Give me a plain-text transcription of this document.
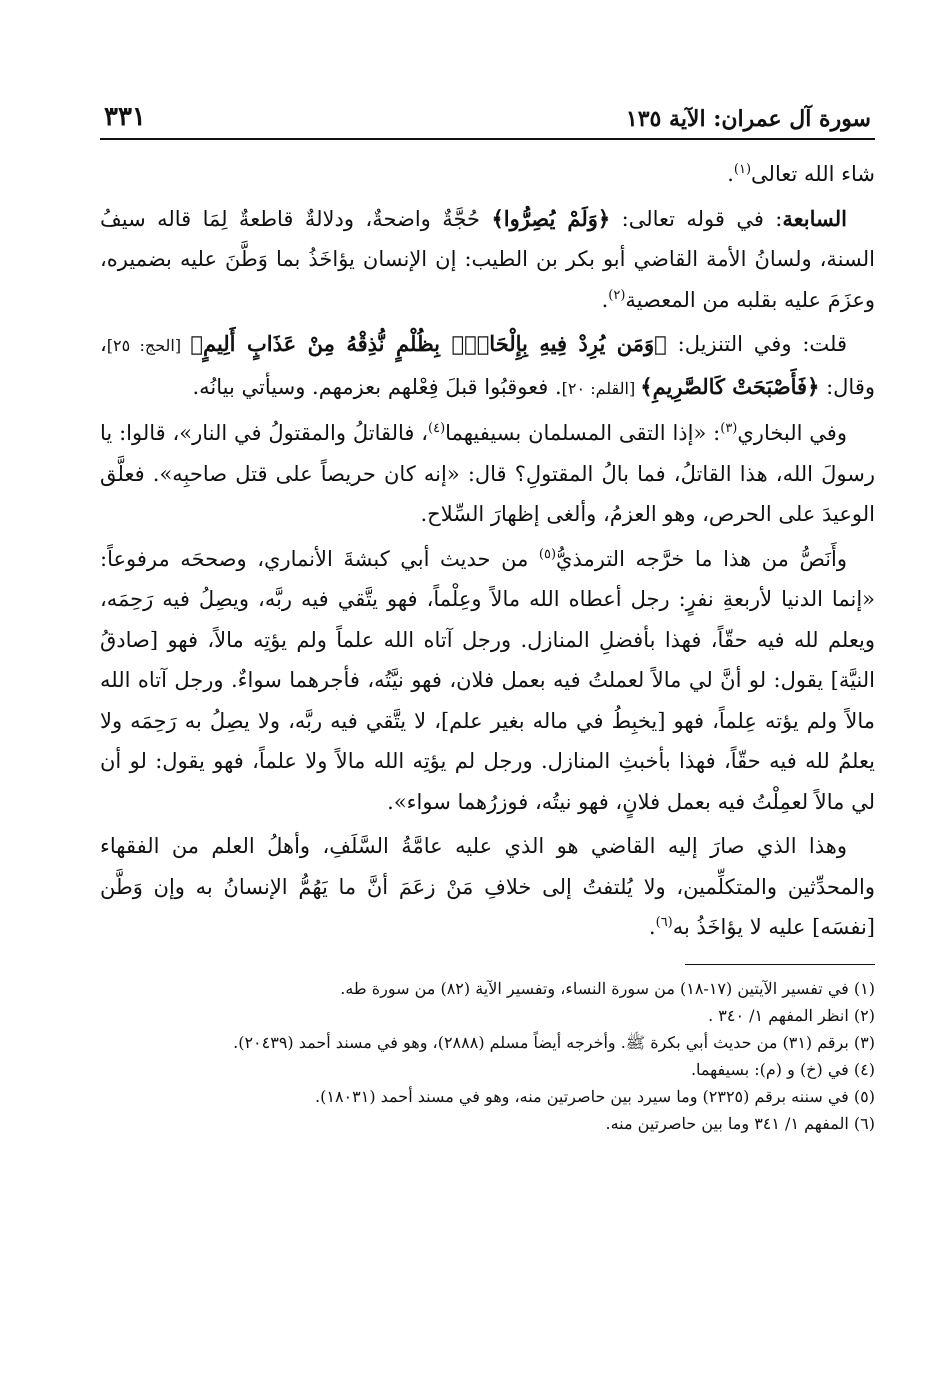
سورة آل عمران: الآية ١٣٥
٣٣١

شاء الله تعالى$^{(١)}$.

السابعة: في قوله تعالى: ﴿وَلَمْ يُصِرُّوا﴾ حُجَّةٌ واضحةٌ، ودلالةٌ قاطعةٌ لِمَا قاله سيفُ السنة، ولسانُ الأمة القاضي أبو بكر بن الطيب: إن الإنسان يؤاخَذُ بما وَطَّنَ عليه بضميره، وعزَمَ عليه بقلبه من المعصية$^{(٢)}$.

قلت: وفي التنزيل: ﴿وَمَن يُرِدْ فِيهِ بِإِلْحَادٍۭ بِظُلْمٍ نُّذِقْهُ مِنْ عَذَابٍ أَلِيمٍ﴾ [الحج: ٢٥]، وقال: ﴿فَأَصْبَحَتْ كَالصَّرِيمِ﴾ [القلم: ٢٠]. فعوقبُوا قبلَ فِعْلهم بعزمهم. وسيأتي بيانُه.

وفي البخاري$^{(٣)}$: «إذا التقى المسلمان بسيفيهما$^{(٤)}$، فالقاتلُ والمقتولُ في النار»، قالوا: يا رسولَ الله، هذا القاتلُ، فما بالُ المقتولِ؟ قال: «إنه كان حريصاً على قتل صاحبِه». فعلَّق الوعيدَ على الحرص، وهو العزمُ، وألغى إظهارَ السِّلاح.

وأَنَصُّ من هذا ما خرَّجه الترمذيُّ$^{(٥)}$ من حديث أبي كبشةَ الأنماري، وصححَه مرفوعاً: «إنما الدنيا لأربعةِ نفرٍ: رجل أعطاه الله مالاً وعِلْماً، فهو يتَّقي فيه ربَّه، ويصِلُ فيه رَحِمَه، ويعلم لله فيه حقّاً، فهذا بأفضلِ المنازل. ورجل آتاه الله علماً ولم يؤتِه مالاً، فهو [صادقُ النيَّة] يقول: لو أنَّ لي مالاً لعملتُ فيه بعمل فلان، فهو نيَّتُه، فأجرهما سواءٌ. ورجل آتاه الله مالاً ولم يؤته عِلماً، فهو [يخبِطُ في ماله بغير علم]، لا يتَّقي فيه ربَّه، ولا يصِلُ به رَحِمَه ولا يعلمُ لله فيه حقّاً، فهذا بأخبثِ المنازل. ورجل لم يؤتِه الله مالاً ولا علماً، فهو يقول: لو أن لي مالاً لعمِلْتُ فيه بعمل فلانٍ، فهو نيتُه، فوزرُهما سواء».

وهذا الذي صارَ إليه القاضي هو الذي عليه عامَّةُ السَّلَفِ، وأهلُ العلم من الفقهاء والمحدِّثين والمتكلِّمين، ولا يُلتفتُ إلى خلافِ مَنْ زعَمَ أنَّ ما يَهُمُّ الإنسانُ به وإن وَطَّن [نفسَه] عليه لا يؤاخَذُ به$^{(٦)}$.

(١) في تفسير الآيتين (١٧-١٨) من سورة النساء، وتفسير الآية (٨٢) من سورة طه.
(٢) انظر المفهم ١/ ٣٤٠ .
(٣) برقم (٣١) من حديث أبي بكرة ﷺ. وأخرجه أيضاً مسلم (٢٨٨٨)، وهو في مسند أحمد (٢٠٤٣٩).
(٤) في (خ) و (م): بسيفهما.
(٥) في سننه برقم (٢٣٢٥) وما سيرد بين حاصرتين منه، وهو في مسند أحمد (١٨٠٣١).
(٦) المفهم ١/ ٣٤١ وما بين حاصرتين منه.
